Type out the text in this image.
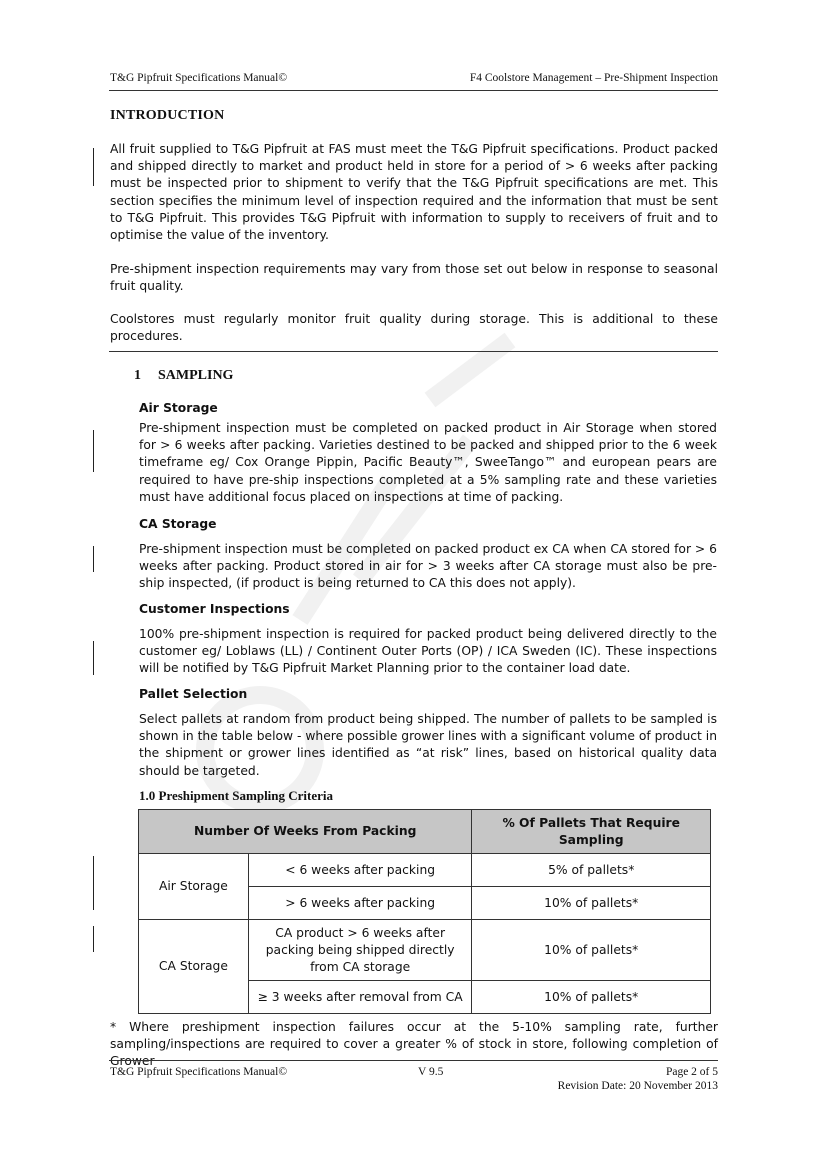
T&G Pipfruit Specifications Manual©	F4 Coolstore Management – Pre-Shipment Inspection
INTRODUCTION
All fruit supplied to T&G Pipfruit at FAS must meet the T&G Pipfruit specifications. Product packed and shipped directly to market and product held in store for a period of > 6 weeks after packing must be inspected prior to shipment to verify that the T&G Pipfruit specifications are met. This section specifies the minimum level of inspection required and the information that must be sent to T&G Pipfruit. This provides T&G Pipfruit with information to supply to receivers of fruit and to optimise the value of the inventory.
Pre-shipment inspection requirements may vary from those set out below in response to seasonal fruit quality.
Coolstores must regularly monitor fruit quality during storage. This is additional to these procedures.
1 SAMPLING
Air Storage
Pre-shipment inspection must be completed on packed product in Air Storage when stored for > 6 weeks after packing. Varieties destined to be packed and shipped prior to the 6 week timeframe eg/ Cox Orange Pippin, Pacific Beauty™, SweeTango™ and european pears are required to have pre-ship inspections completed at a 5% sampling rate and these varieties must have additional focus placed on inspections at time of packing.
CA Storage
Pre-shipment inspection must be completed on packed product ex CA when CA stored for > 6 weeks after packing. Product stored in air for > 3 weeks after CA storage must also be pre-ship inspected, (if product is being returned to CA this does not apply).
Customer Inspections
100% pre-shipment inspection is required for packed product being delivered directly to the customer eg/ Loblaws (LL) / Continent Outer Ports (OP) / ICA Sweden (IC). These inspections will be notified by T&G Pipfruit Market Planning prior to the container load date.
Pallet Selection
Select pallets at random from product being shipped. The number of pallets to be sampled is shown in the table below - where possible grower lines with a significant volume of product in the shipment or grower lines identified as “at risk” lines, based on historical quality data should be targeted.
1.0 Preshipment Sampling Criteria
Number Of Weeks From Packing		% Of Pallets That Require Sampling
Air Storage	< 6 weeks after packing	5% of pallets*
	> 6 weeks after packing	10% of pallets*
CA Storage	CA product > 6 weeks after packing being shipped directly from CA storage	10% of pallets*
	≥ 3 weeks after removal from CA	10% of pallets*
* Where preshipment inspection failures occur at the 5-10% sampling rate, further sampling/inspections are required to cover a greater % of stock in store, following completion of Grower
T&G Pipfruit Specifications Manual©	V 9.5	Page 2 of 5
Revision Date: 20 November 2013
